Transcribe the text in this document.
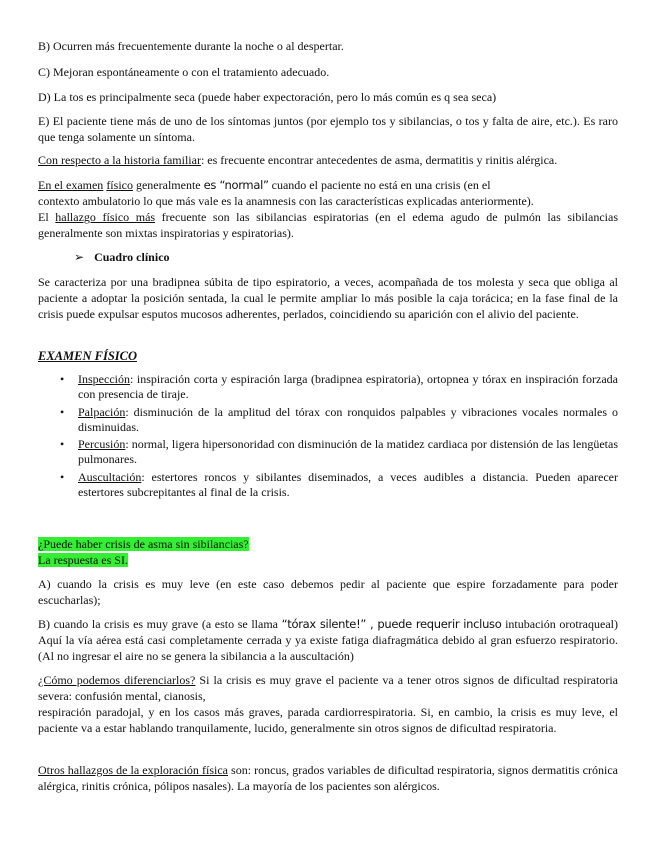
B) Ocurren más frecuentemente durante la noche o al despertar.

C) Mejoran espontáneamente o con el tratamiento adecuado.

D) La tos es principalmente seca (puede haber expectoración, pero lo más común es q sea seca)

E) El paciente tiene más de uno de los síntomas juntos (por ejemplo tos y sibilancias, o tos y falta de aire, etc.). Es raro que tenga solamente un síntoma.

Con respecto a la historia familiar: es frecuente encontrar antecedentes de asma, dermatitis y rinitis alérgica.

En el examen físico generalmente es “normal” cuando el paciente no está en una crisis (en el

contexto ambulatorio lo que más vale es la anamnesis con las características explicadas anteriormente).

El hallazgo físico más frecuente son las sibilancias espiratorias (en el edema agudo de pulmón las sibilancias generalmente son mixtas inspiratorias y espiratorias).

➢ Cuadro clínico

Se caracteriza por una bradipnea súbita de tipo espiratorio, a veces, acompañada de tos molesta y seca que obliga al paciente a adoptar la posición sentada, la cual le permite ampliar lo más posible la caja torácica; en la fase final de la crisis puede expulsar esputos mucosos adherentes, perlados, coincidiendo su aparición con el alivio del paciente.

EXAMEN FÍSICO

• Inspección: inspiración corta y espiración larga (bradipnea espiratoria), ortopnea y tórax en inspiración forzada con presencia de tiraje.
• Palpación: disminución de la amplitud del tórax con ronquidos palpables y vibraciones vocales normales o disminuidas.
• Percusión: normal, ligera hipersonoridad con disminución de la matidez cardiaca por distensión de las lengüetas pulmonares.
• Auscultación: estertores roncos y sibilantes diseminados, a veces audibles a distancia. Pueden aparecer estertores subcrepitantes al final de la crisis.

¿Puede haber crisis de asma sin sibilancias?

La respuesta es SI.

A) cuando la crisis es muy leve (en este caso debemos pedir al paciente que espire forzadamente para poder escucharlas);

B) cuando la crisis es muy grave (a esto se llama “tórax silente!” , puede requerir incluso intubación orotraqueal) Aquí la vía aérea está casi completamente cerrada y ya existe fatiga diafragmática debido al gran esfuerzo respiratorio. (Al no ingresar el aire no se genera la sibilancia a la auscultación)

¿Cómo podemos diferenciarlos? Si la crisis es muy grave el paciente va a tener otros signos de dificultad respiratoria severa: confusión mental, cianosis,

respiración paradojal, y en los casos más graves, parada cardiorrespiratoria. Si, en cambio, la crisis es muy leve, el paciente va a estar hablando tranquilamente, lucido, generalmente sin otros signos de dificultad respiratoria.

Otros hallazgos de la exploración física son: roncus, grados variables de dificultad respiratoria, signos dermatitis crónica alérgica, rinitis crónica, pólipos nasales). La mayoría de los pacientes son alérgicos.
